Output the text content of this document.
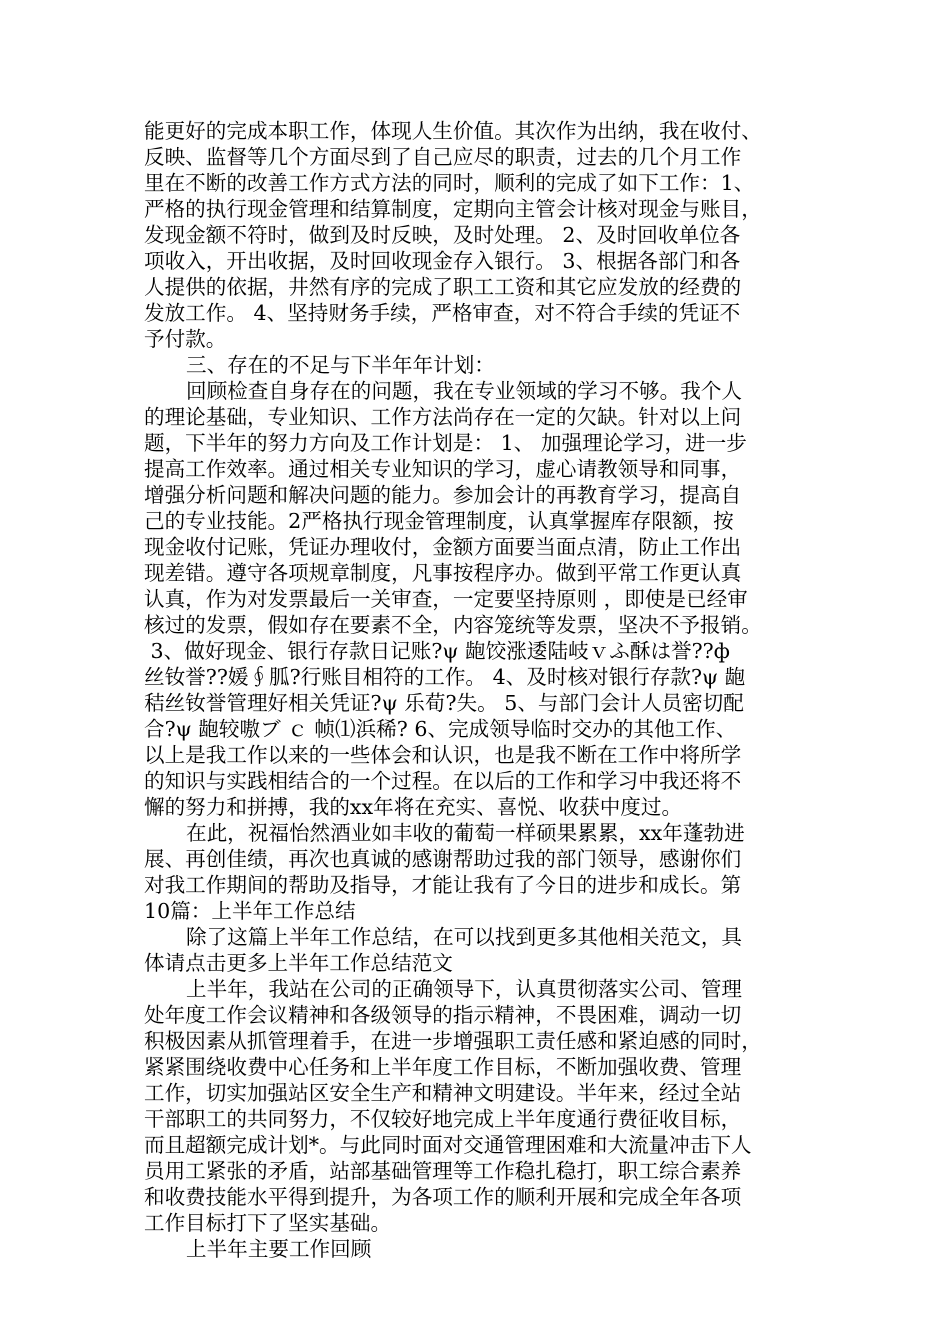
能更好的完成本职工作，体现人生价值。其次作为出纳，我在收付、
反映、监督等几个方面尽到了自己应尽的职责，过去的几个月工作
里在不断的改善工作方式方法的同时，顺利的完成了如下工作：1、
严格的执行现金管理和结算制度，定期向主管会计核对现金与账目，
发现金额不符时，做到及时反映，及时处理。 2、及时回收单位各
项收入，开出收据，及时回收现金存入银行。 3、根据各部门和各
人提供的依据，井然有序的完成了职工工资和其它应发放的经费的
发放工作。 4、坚持财务手续，严格审查，对不符合手续的凭证不
予付款。
三、存在的不足与下半年年计划：
回顾检查自身存在的问题，我在专业领域的学习不够。我个人
的理论基础，专业知识、工作方法尚存在一定的欠缺。针对以上问
题，下半年的努力方向及工作计划是： 1、 加强理论学习，进一步
提高工作效率。通过相关专业知识的学习，虚心请教领导和同事，
增强分析问题和解决问题的能力。参加会计的再教育学习，提高自
己的专业技能。2严格执行现金管理制度，认真掌握库存限额，按
现金收付记账，凭证办理收付，金额方面要当面点清，防止工作出
现差错。遵守各项规章制度，凡事按程序办。做到平常工作更认真
认真，作为对发票最后一关审查，一定要坚持原则 ，即使是已经审
核过的发票，假如存在要素不全，内容笼统等发票，坚决不予报销。
3、做好现金、银行存款日记账?ψ 龅饺涨逶陆岐ｖふ酥は誉??ф
丝钕誉??媛∮胍?行账目相符的工作。 4、及时核对银行存款?ψ 龅
秸丝钕誉管理好相关凭证?ψ 乐荀?失。 5、与部门会计人员密切配
合?ψ 龅较嗷ブ ｃ 帧⑴浜稀? 6、完成领导临时交办的其他工作、
以上是我工作以来的一些体会和认识，也是我不断在工作中将所学
的知识与实践相结合的一个过程。在以后的工作和学习中我还将不
懈的努力和拼搏，我的xx年将在充实、喜悦、收获中度过。
在此，祝福怡然酒业如丰收的葡萄一样硕果累累，xx年蓬勃进
展、再创佳绩，再次也真诚的感谢帮助过我的部门领导，感谢你们
对我工作期间的帮助及指导，才能让我有了今日的进步和成长。第
10篇：上半年工作总结
除了这篇上半年工作总结，在可以找到更多其他相关范文，具
体请点击更多上半年工作总结范文
上半年，我站在公司的正确领导下，认真贯彻落实公司、管理
处年度工作会议精神和各级领导的指示精神，不畏困难，调动一切
积极因素从抓管理着手，在进一步增强职工责任感和紧迫感的同时，
紧紧围绕收费中心任务和上半年度工作目标，不断加强收费、管理
工作，切实加强站区安全生产和精神文明建设。半年来，经过全站
干部职工的共同努力，不仅较好地完成上半年度通行费征收目标，
而且超额完成计划*。与此同时面对交通管理困难和大流量冲击下人
员用工紧张的矛盾，站部基础管理等工作稳扎稳打，职工综合素养
和收费技能水平得到提升，为各项工作的顺利开展和完成全年各项
工作目标打下了坚实基础。
上半年主要工作回顾
